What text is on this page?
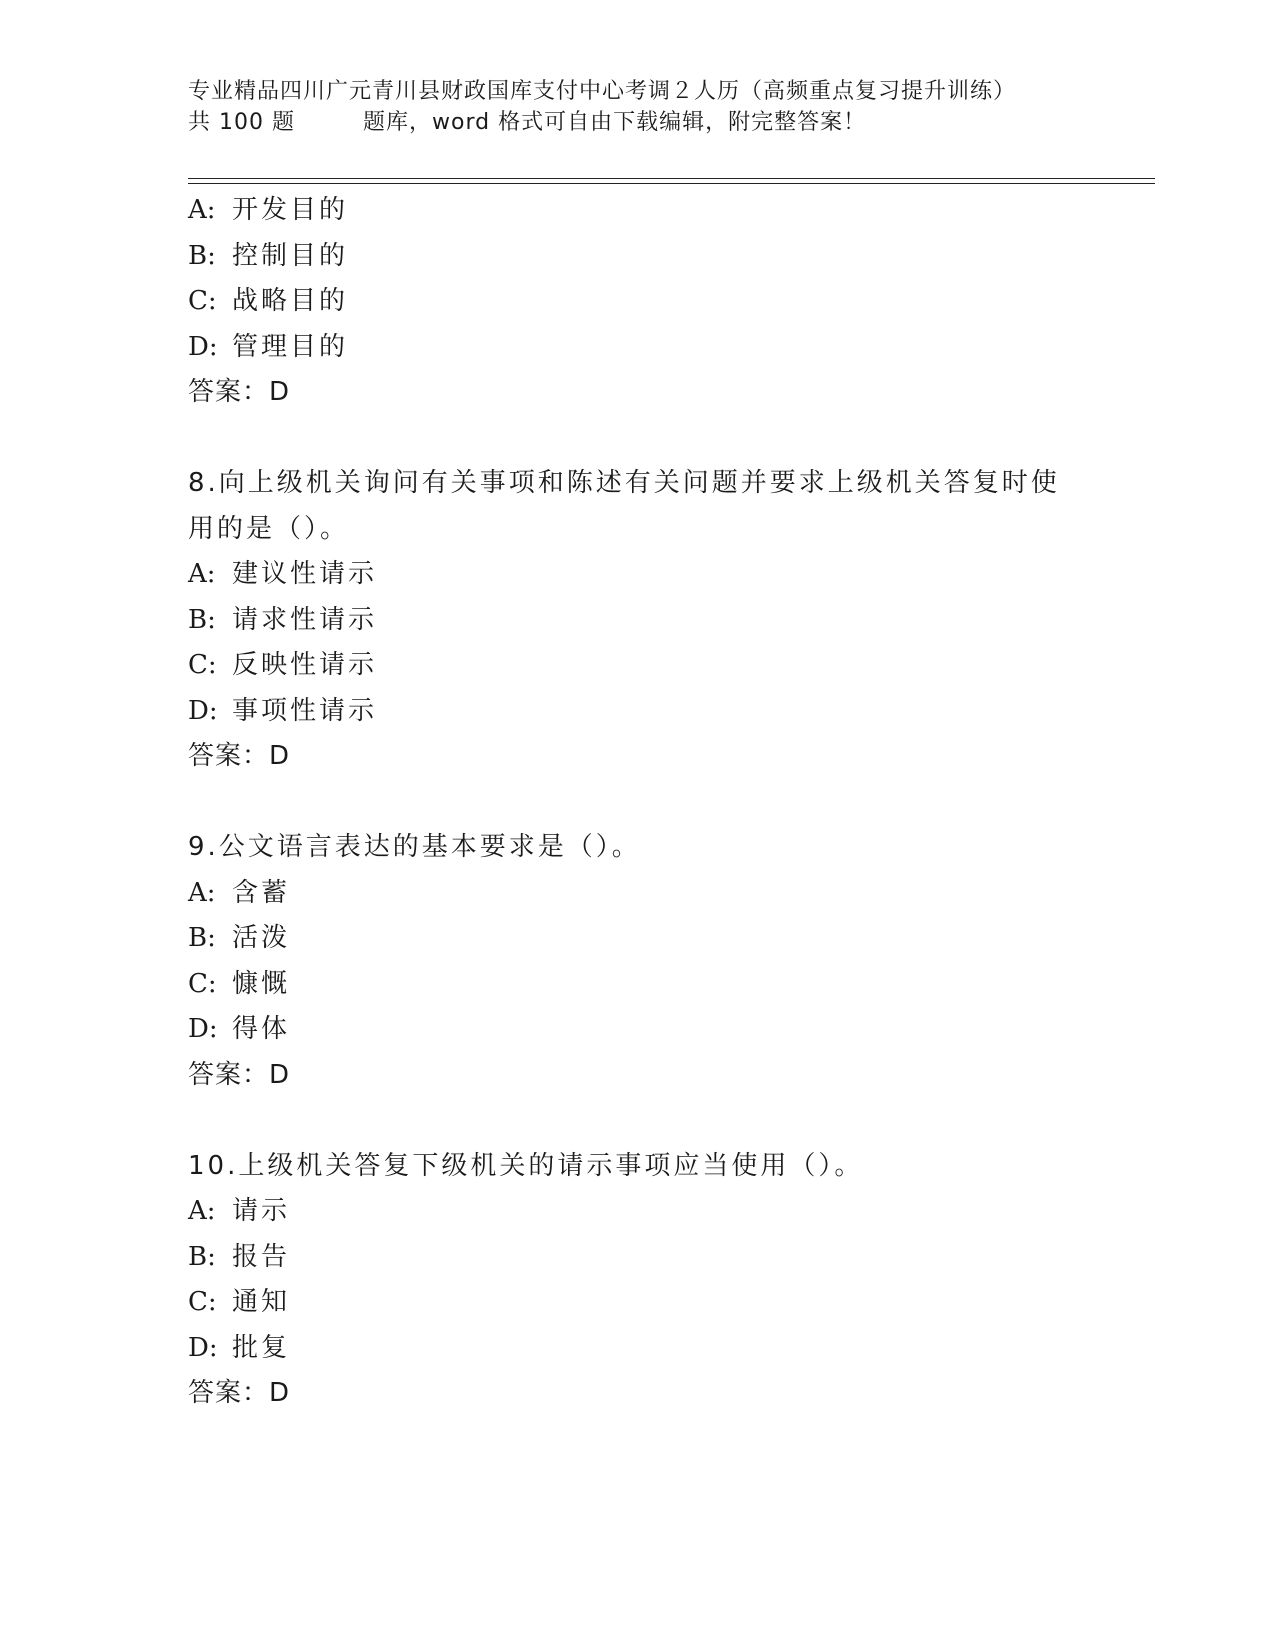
专业精品四川广元青川县财政国库支付中心考调２人历（高频重点复习提升训练）
共 100 题	题库，word 格式可自由下载编辑，附完整答案！
A: 开发目的
B: 控制目的
C: 战略目的
D: 管理目的
答案：D
8.向上级机关询问有关事项和陈述有关问题并要求上级机关答复时使
用的是（）。
A: 建议性请示
B: 请求性请示
C: 反映性请示
D: 事项性请示
答案：D
9.公文语言表达的基本要求是（）。
A: 含蓄
B: 活泼
C: 慷慨
D: 得体
答案：D
10.上级机关答复下级机关的请示事项应当使用（）。
A: 请示
B: 报告
C: 通知
D: 批复
答案：D
